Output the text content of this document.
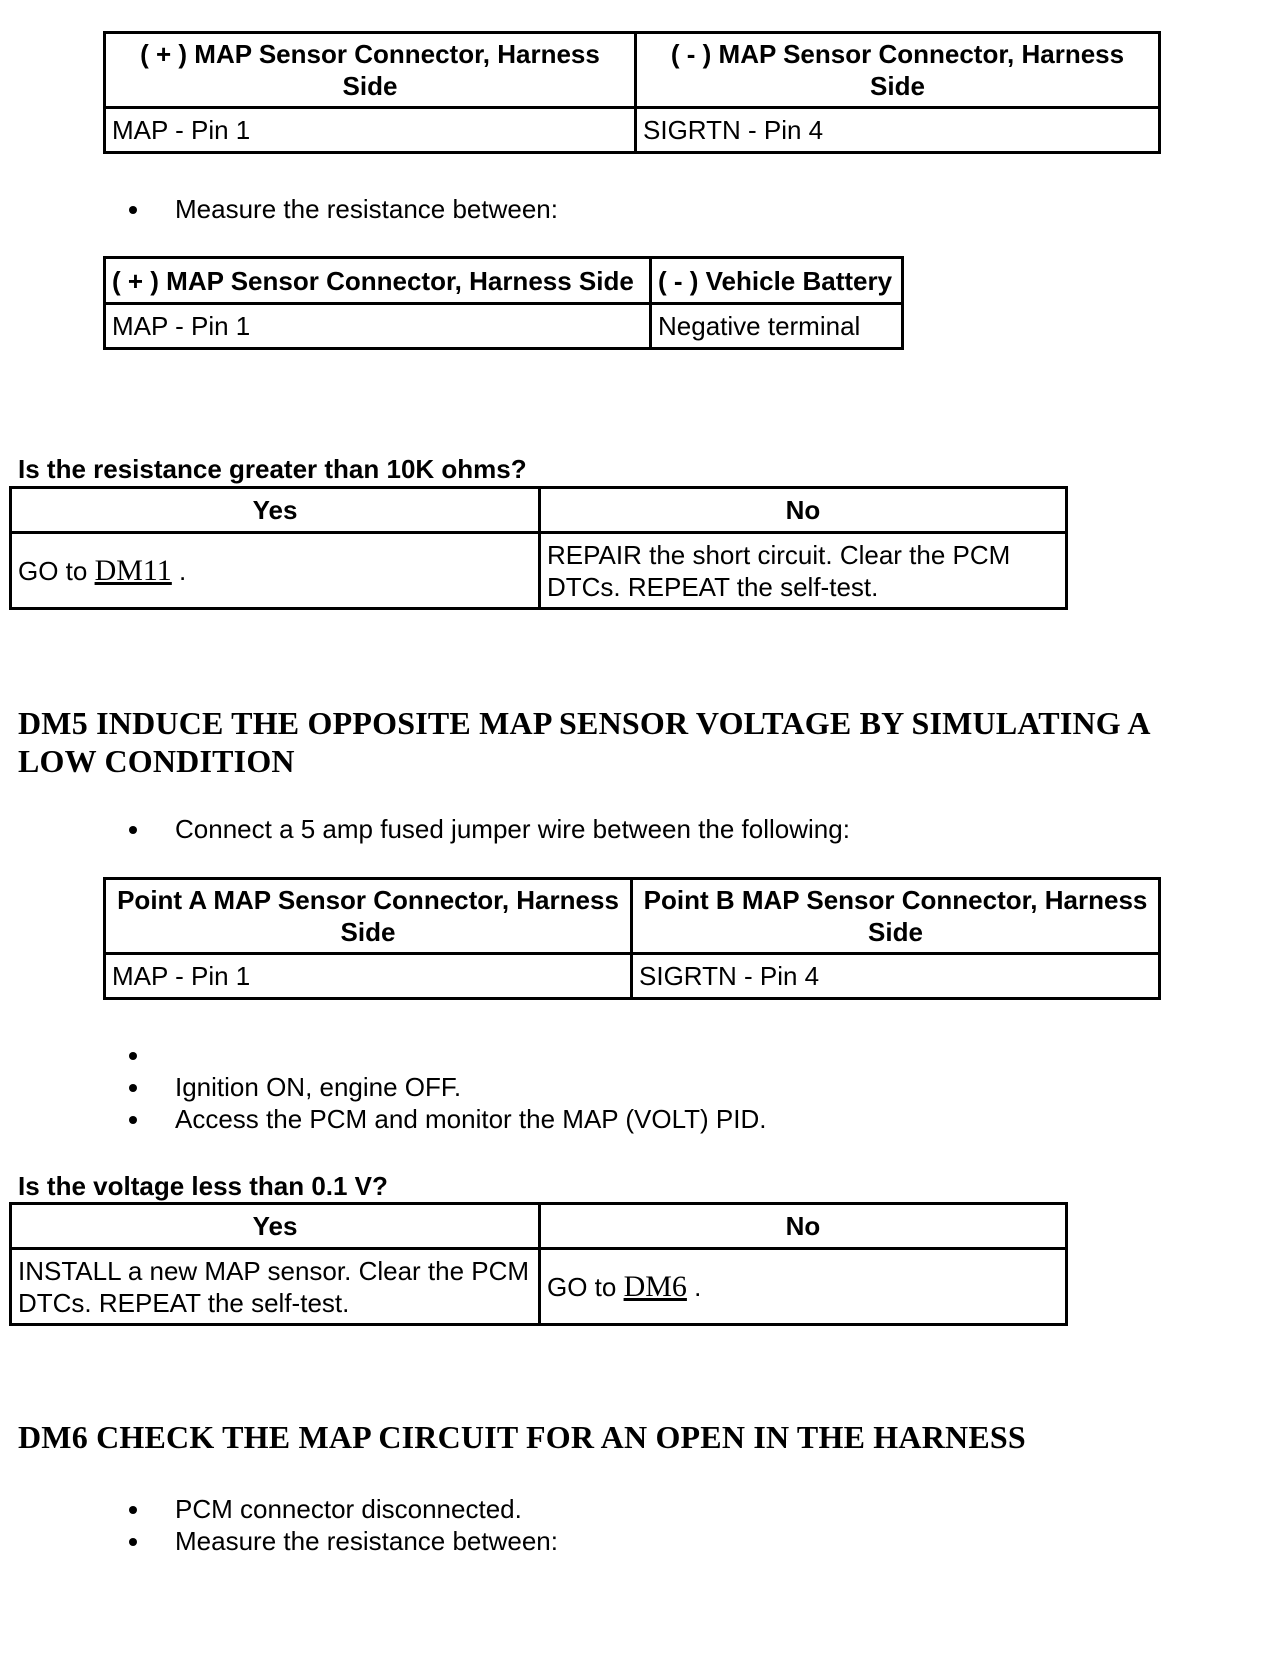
( + ) MAP Sensor Connector, Harness Side	( - ) MAP Sensor Connector, Harness Side
MAP - Pin 1	SIGRTN - Pin 4
Measure the resistance between:
( + ) MAP Sensor Connector, Harness Side	( - ) Vehicle Battery
MAP - Pin 1	Negative terminal
Is the resistance greater than 10K ohms?
Yes	No
GO to DM11 .	REPAIR the short circuit. Clear the PCM DTCs. REPEAT the self-test.
DM5 INDUCE THE OPPOSITE MAP SENSOR VOLTAGE BY SIMULATING A LOW CONDITION
Connect a 5 amp fused jumper wire between the following:
Point A MAP Sensor Connector, Harness Side	Point B MAP Sensor Connector, Harness Side
MAP - Pin 1	SIGRTN - Pin 4
Ignition ON, engine OFF.
Access the PCM and monitor the MAP (VOLT) PID.
Is the voltage less than 0.1 V?
Yes	No
INSTALL a new MAP sensor. Clear the PCM DTCs. REPEAT the self-test.	GO to DM6 .
DM6 CHECK THE MAP CIRCUIT FOR AN OPEN IN THE HARNESS
PCM connector disconnected.
Measure the resistance between:
